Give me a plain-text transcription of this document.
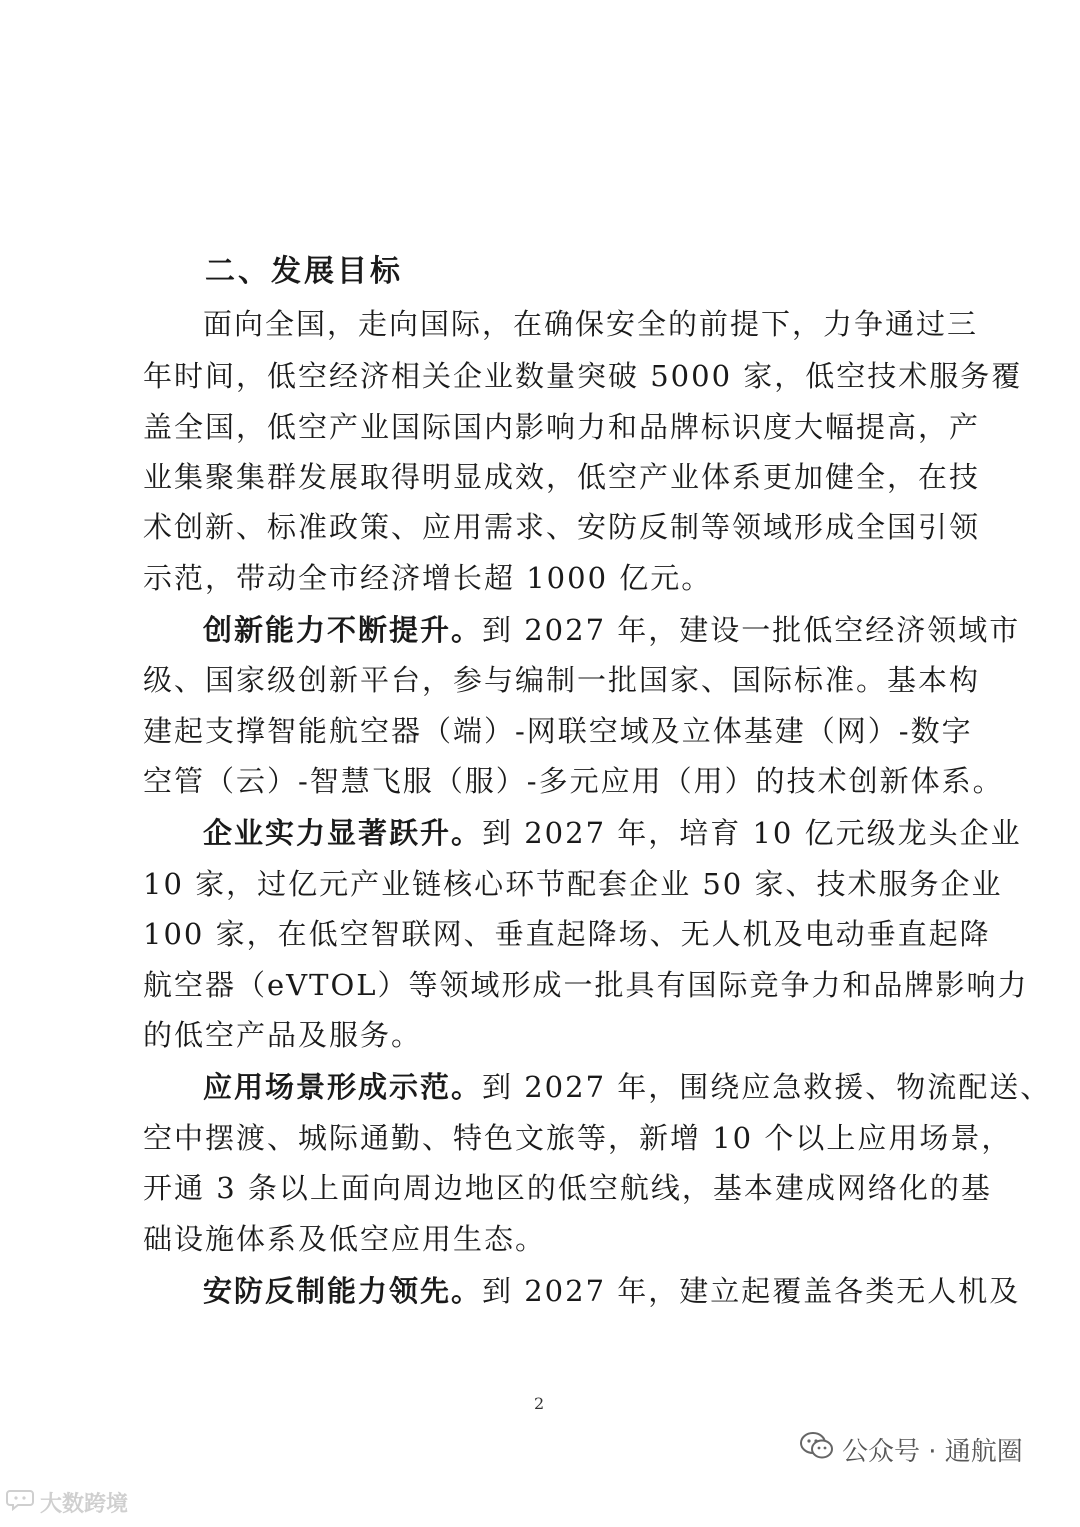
二、发展目标

面向全国，走向国际，在确保安全的前提下，力争通过三

年时间，低空经济相关企业数量突破 5000 家，低空技术服务覆

盖全国，低空产业国际国内影响力和品牌标识度大幅提高，产

业集聚集群发展取得明显成效，低空产业体系更加健全，在技

术创新、标准政策、应用需求、安防反制等领域形成全国引领

示范，带动全市经济增长超 1000 亿元。

创新能力不断提升。到 2027 年，建设一批低空经济领域市

级、国家级创新平台，参与编制一批国家、国际标准。基本构

建起支撑智能航空器（端）-网联空域及立体基建（网）-数字

空管（云）-智慧飞服（服）-多元应用（用）的技术创新体系。

企业实力显著跃升。到 2027 年，培育 10 亿元级龙头企业

10 家，过亿元产业链核心环节配套企业 50 家、技术服务企业

100 家，在低空智联网、垂直起降场、无人机及电动垂直起降

航空器（eVTOL）等领域形成一批具有国际竞争力和品牌影响力

的低空产品及服务。

应用场景形成示范。到 2027 年，围绕应急救援、物流配送、

空中摆渡、城际通勤、特色文旅等，新增 10 个以上应用场景，

开通 3 条以上面向周边地区的低空航线，基本建成网络化的基

础设施体系及低空应用生态。

安防反制能力领先。到 2027 年，建立起覆盖各类无人机及

2
公众号 · 通航圈
大数跨境
